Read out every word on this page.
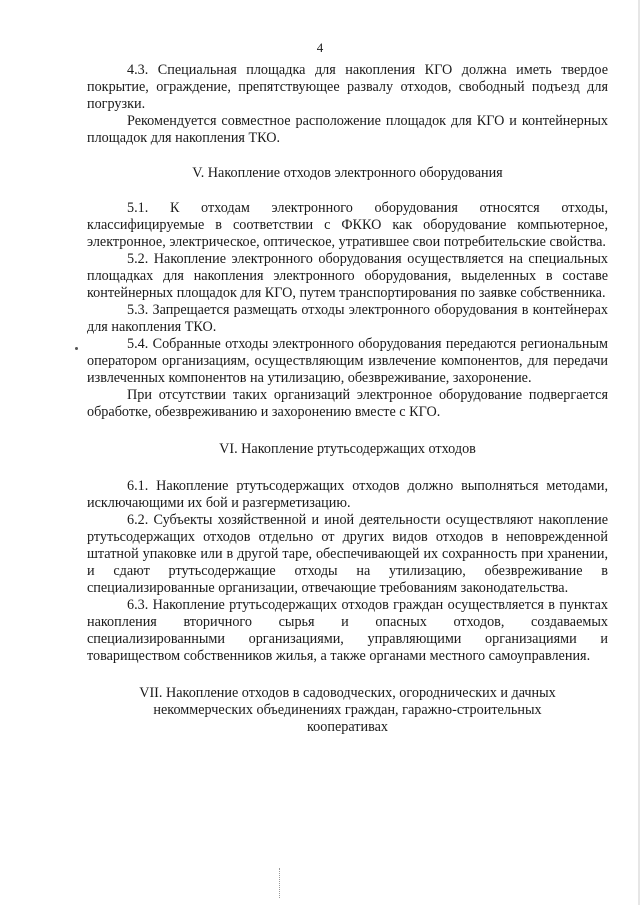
4

4.3. Специальная площадка для накопления КГО должна иметь твердое покрытие, ограждение, препятствующее развалу отходов, свободный подъезд для погрузки.

Рекомендуется совместное расположение площадок для КГО и контейнерных площадок для накопления ТКО.

V. Накопление отходов электронного оборудования

5.1. К отходам электронного оборудования относятся отходы, классифицируемые в соответствии с ФККО как оборудование компьютерное, электронное, электрическое, оптическое, утратившее свои потребительские свойства.

5.2. Накопление электронного оборудования осуществляется на специальных площадках для накопления электронного оборудования, выделенных в составе контейнерных площадок для КГО, путем транспортирования по заявке собственника.

5.3. Запрещается размещать отходы электронного оборудования в контейнерах для накопления ТКО.

5.4. Собранные отходы электронного оборудования передаются региональным оператором организациям, осуществляющим извлечение компонентов, для передачи извлеченных компонентов на утилизацию, обезвреживание, захоронение.

При отсутствии таких организаций электронное оборудование подвергается обработке, обезвреживанию и захоронению вместе с КГО.

VI. Накопление ртутьсодержащих отходов

6.1. Накопление ртутьсодержащих отходов должно выполняться методами, исключающими их бой и разгерметизацию.

6.2. Субъекты хозяйственной и иной деятельности осуществляют накопление ртутьсодержащих отходов отдельно от других видов отходов в неповрежденной штатной упаковке или в другой таре, обеспечивающей их сохранность при хранении, и сдают ртутьсодержащие отходы на утилизацию, обезвреживание в специализированные организации, отвечающие требованиям законодательства.

6.3. Накопление ртутьсодержащих отходов граждан осуществляется в пунктах накопления вторичного сырья и опасных отходов, создаваемых специализированными организациями, управляющими организациями и товариществом собственников жилья, а также органами местного самоуправления.

VII. Накопление отходов в садоводческих, огороднических и дачных некоммерческих объединениях граждан, гаражно-строительных кооперативах
